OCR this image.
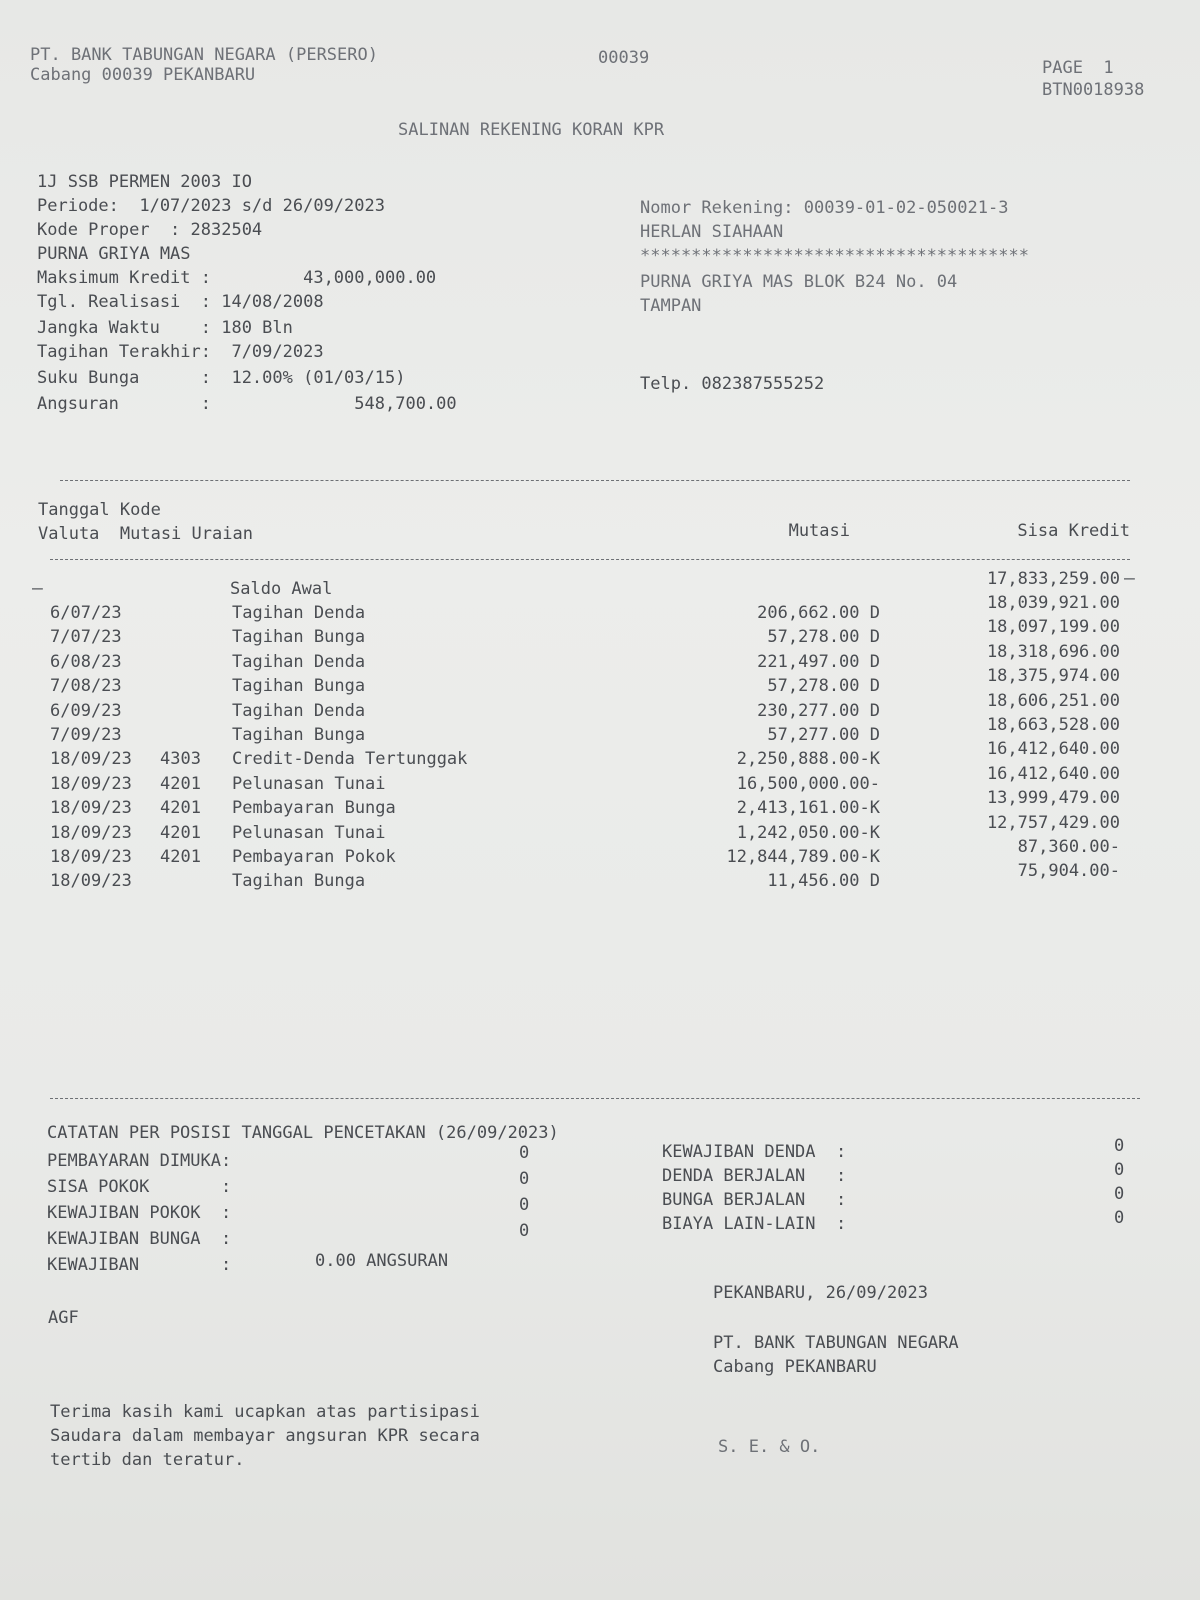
PT. BANK TABUNGAN NEGARA (PERSERO)
Cabang 00039 PEKANBARU
00039	PAGE  1
BTN0018938
SALINAN REKENING KORAN KPR
1J SSB PERMEN 2003 IO
Periode:  1/07/2023 s/d 26/09/2023
Kode Proper  : 2832504
PURNA GRIYA MAS
Maksimum Kredit :         43,000,000.00
Tgl. Realisasi  : 14/08/2008
Jangka Waktu    : 180 Bln
Tagihan Terakhir:  7/09/2023
Suku Bunga      :  12.00% (01/03/15)
Angsuran        :              548,700.00
Nomor Rekening: 00039-01-02-050021-3
HERLAN SIAHAAN
**************************************
PURNA GRIYA MAS BLOK B24 No. 04
TAMPAN
Telp. 082387555252
Tanggal Kode
Valuta  Mutasi Uraian	Mutasi	Sisa Kredit
Saldo Awal	17,833,259.00
–	–
6/07/23	Tagihan Denda	206,662.00 D	18,039,921.00
7/07/23	Tagihan Bunga	57,278.00 D	18,097,199.00
6/08/23	Tagihan Denda	221,497.00 D	18,318,696.00
7/08/23	Tagihan Bunga	57,278.00 D	18,375,974.00
6/09/23	Tagihan Denda	230,277.00 D	18,606,251.00
7/09/23	Tagihan Bunga	57,277.00 D	18,663,528.00
18/09/23 4303 Credit-Denda Tertunggak	2,250,888.00-K	16,412,640.00
18/09/23 4201 Pelunasan Tunai	16,500,000.00-	16,412,640.00
18/09/23 4201 Pembayaran Bunga	2,413,161.00-K	13,999,479.00
18/09/23 4201 Pelunasan Tunai	1,242,050.00-K	12,757,429.00
18/09/23 4201 Pembayaran Pokok	12,844,789.00-K	87,360.00-
18/09/23	Tagihan Bunga	11,456.00 D	75,904.00-
CATATAN PER POSISI TANGGAL PENCETAKAN (26/09/2023)
PEMBAYARAN DIMUKA:	0
SISA POKOK       :	0
KEWAJIBAN POKOK  :	0
KEWAJIBAN BUNGA  :	0
KEWAJIBAN        :	0.00 ANGSURAN
KEWAJIBAN DENDA  :	0
DENDA BERJALAN   :	0
BUNGA BERJALAN   :	0
BIAYA LAIN-LAIN  :	0
AGF
PEKANBARU, 26/09/2023
PT. BANK TABUNGAN NEGARA
Cabang PEKANBARU
Terima kasih kami ucapkan atas partisipasi
Saudara dalam membayar angsuran KPR secara
tertib dan teratur.
S. E. & O.
